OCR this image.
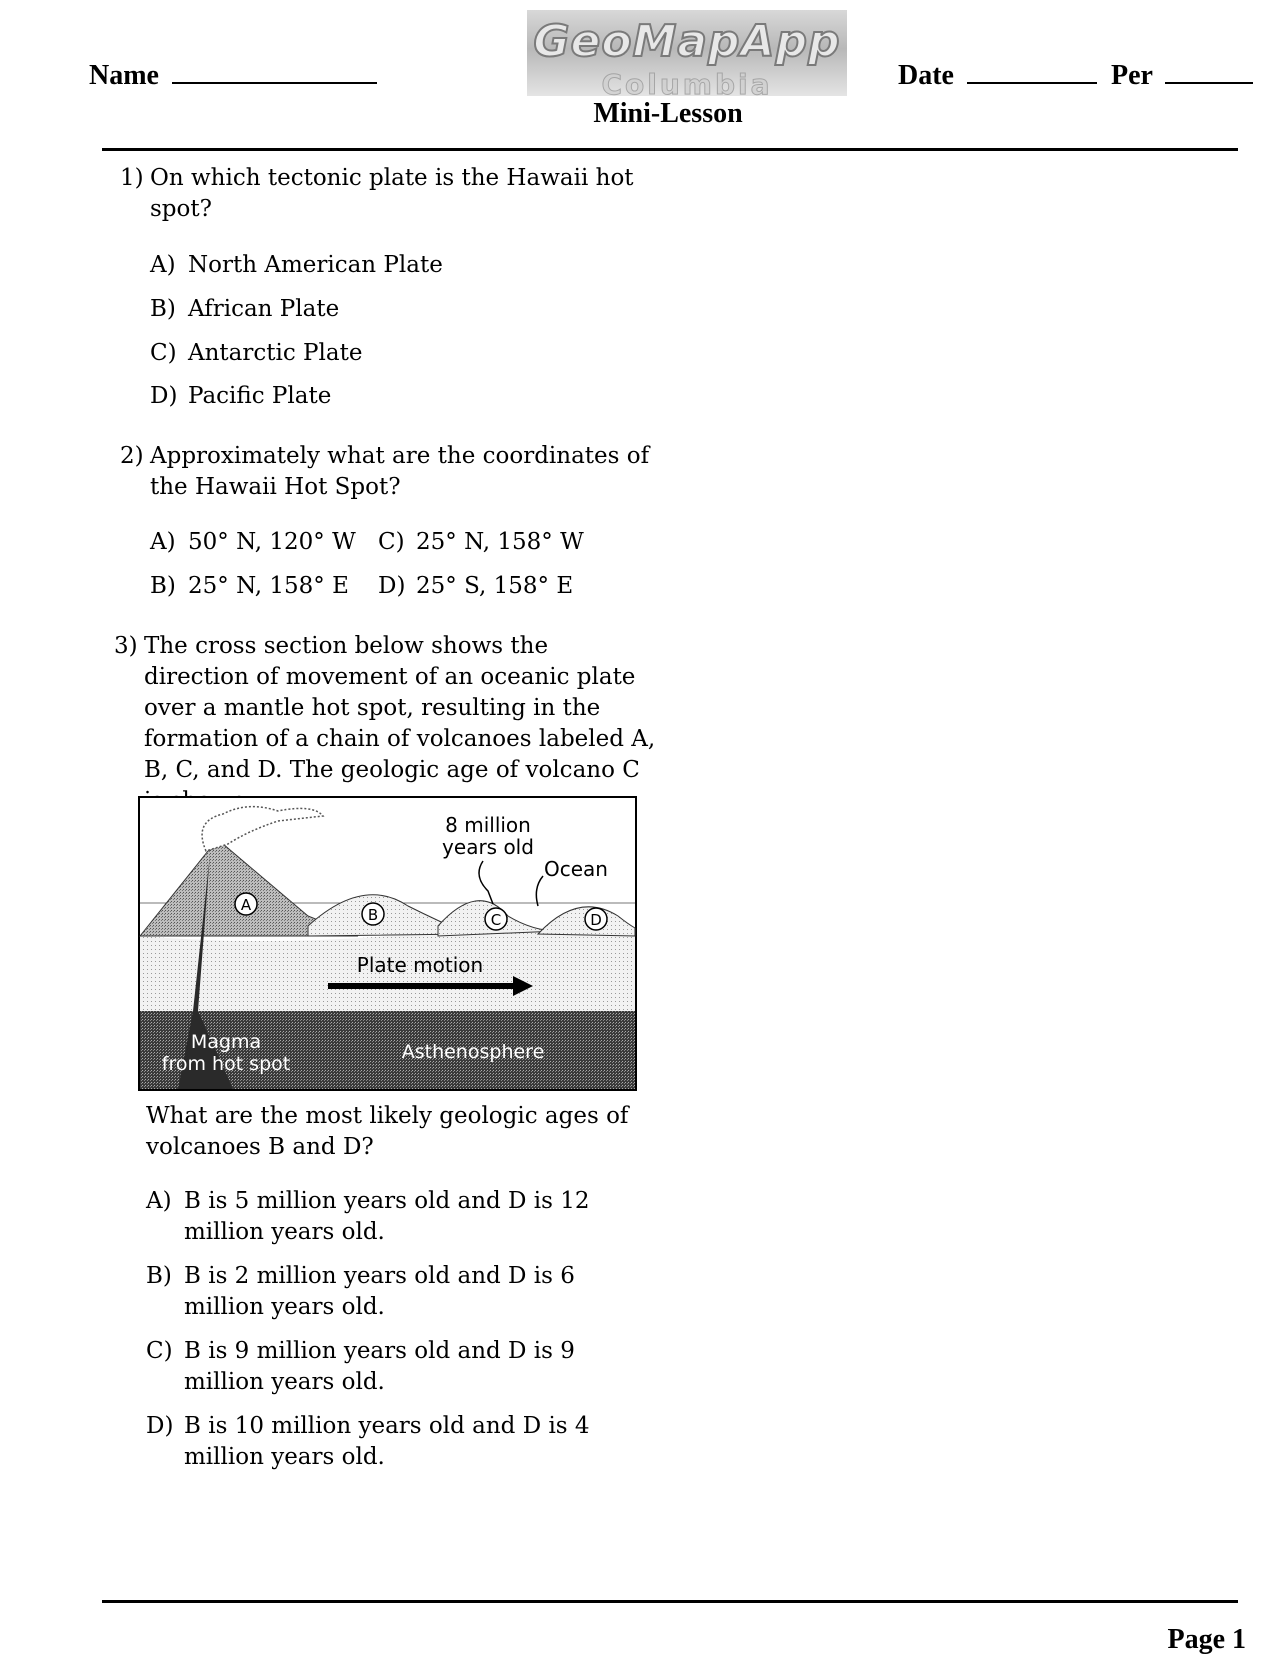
Name
GeoMapApp
Columbia	Date	Per
Mini-Lesson
1) On which tectonic plate is the Hawaii hot spot?
A) North American Plate
B) African Plate
C) Antarctic Plate
D) Pacific Plate
2) Approximately what are the coordinates of the Hawaii Hot Spot?
A) 50° N, 120° W C) 25° N, 158° W
B) 25° N, 158° E D) 25° S, 158° E
3) The cross section below shows the direction of movement of an oceanic plate over a mantle hot spot, resulting in the formation of a chain of volcanoes labeled A, B, C, and D. The geologic age of volcano C
A
B	C	D
8 million
years old
Ocean
Plate motion
Magma
from hot spot
Asthenosphere
What are the most likely geologic ages of volcanoes B and D?
A) B is 5 million years old and D is 12 million years old.
B) B is 2 million years old and D is 6 million years old.
C) B is 9 million years old and D is 9 million years old.
D) B is 10 million years old and D is 4 million years old.
Page 1
